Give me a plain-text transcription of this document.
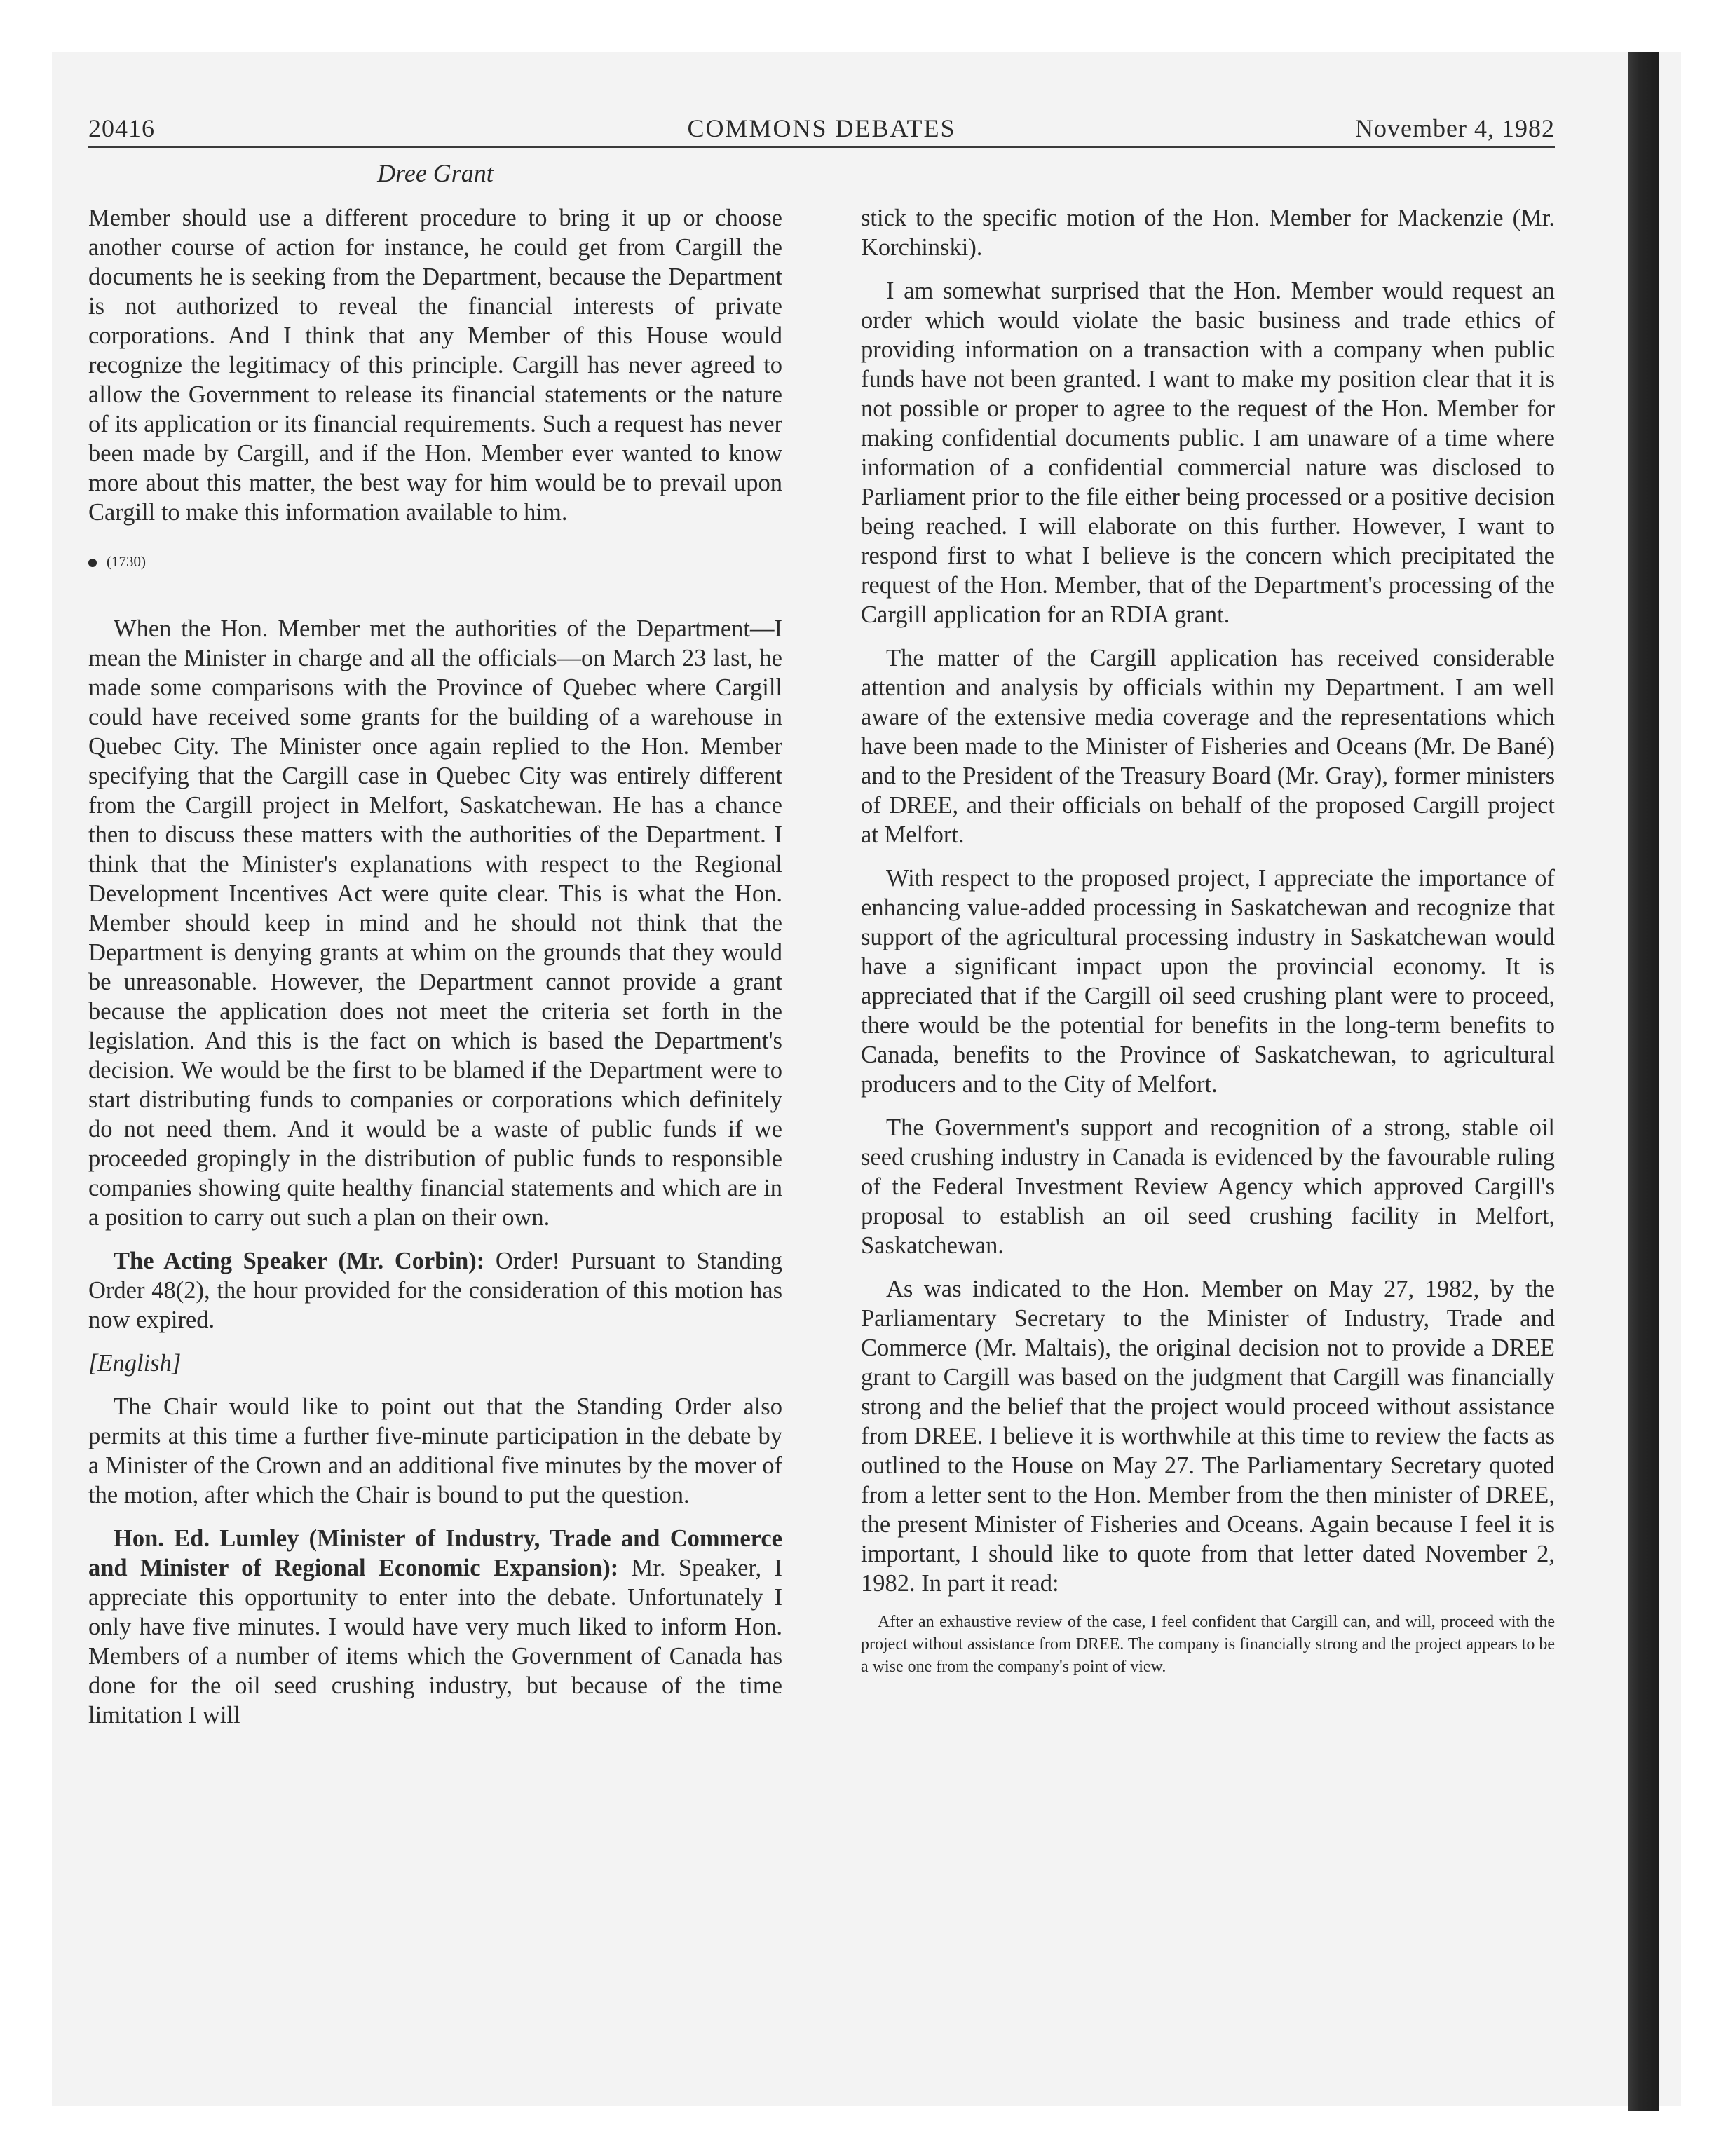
20416	COMMONS DEBATES	November 4, 1982
Dree Grant

Member should use a different procedure to bring it up or choose another course of action for instance, he could get from Cargill the documents he is seeking from the Department, because the Department is not authorized to reveal the financial interests of private corporations. And I think that any Member of this House would recognize the legitimacy of this principle. Cargill has never agreed to allow the Government to release its financial statements or the nature of its application or its financial requirements. Such a request has never been made by Cargill, and if the Hon. Member ever wanted to know more about this matter, the best way for him would be to prevail upon Cargill to make this information available to him.

(1730)

When the Hon. Member met the authorities of the Department—I mean the Minister in charge and all the officials—on March 23 last, he made some comparisons with the Province of Quebec where Cargill could have received some grants for the building of a warehouse in Quebec City. The Minister once again replied to the Hon. Member specifying that the Cargill case in Quebec City was entirely different from the Cargill project in Melfort, Saskatchewan. He has a chance then to discuss these matters with the authorities of the Department. I think that the Minister's explanations with respect to the Regional Development Incentives Act were quite clear. This is what the Hon. Member should keep in mind and he should not think that the Department is denying grants at whim on the grounds that they would be unreasonable. However, the Department cannot provide a grant because the application does not meet the criteria set forth in the legislation. And this is the fact on which is based the Department's decision. We would be the first to be blamed if the Department were to start distributing funds to companies or corporations which definitely do not need them. And it would be a waste of public funds if we proceeded gropingly in the distribution of public funds to responsible companies showing quite healthy financial statements and which are in a position to carry out such a plan on their own.

The Acting Speaker (Mr. Corbin): Order! Pursuant to Standing Order 48(2), the hour provided for the consideration of this motion has now expired.

[English]

The Chair would like to point out that the Standing Order also permits at this time a further five-minute participation in the debate by a Minister of the Crown and an additional five minutes by the mover of the motion, after which the Chair is bound to put the question.

Hon. Ed. Lumley (Minister of Industry, Trade and Commerce and Minister of Regional Economic Expansion): Mr. Speaker, I appreciate this opportunity to enter into the debate. Unfortunately I only have five minutes. I would have very much liked to inform Hon. Members of a number of items which the Government of Canada has done for the oil seed crushing industry, but because of the time limitation I will

stick to the specific motion of the Hon. Member for Mackenzie (Mr. Korchinski).

I am somewhat surprised that the Hon. Member would request an order which would violate the basic business and trade ethics of providing information on a transaction with a company when public funds have not been granted. I want to make my position clear that it is not possible or proper to agree to the request of the Hon. Member for making confidential documents public. I am unaware of a time where information of a confidential commercial nature was disclosed to Parliament prior to the file either being processed or a positive decision being reached. I will elaborate on this further. However, I want to respond first to what I believe is the concern which precipitated the request of the Hon. Member, that of the Department's processing of the Cargill application for an RDIA grant.

The matter of the Cargill application has received considerable attention and analysis by officials within my Department. I am well aware of the extensive media coverage and the representations which have been made to the Minister of Fisheries and Oceans (Mr. De Bané) and to the President of the Treasury Board (Mr. Gray), former ministers of DREE, and their officials on behalf of the proposed Cargill project at Melfort.

With respect to the proposed project, I appreciate the importance of enhancing value-added processing in Saskatchewan and recognize that support of the agricultural processing industry in Saskatchewan would have a significant impact upon the provincial economy. It is appreciated that if the Cargill oil seed crushing plant were to proceed, there would be the potential for benefits in the long-term benefits to Canada, benefits to the Province of Saskatchewan, to agricultural producers and to the City of Melfort.

The Government's support and recognition of a strong, stable oil seed crushing industry in Canada is evidenced by the favourable ruling of the Federal Investment Review Agency which approved Cargill's proposal to establish an oil seed crushing facility in Melfort, Saskatchewan.

As was indicated to the Hon. Member on May 27, 1982, by the Parliamentary Secretary to the Minister of Industry, Trade and Commerce (Mr. Maltais), the original decision not to provide a DREE grant to Cargill was based on the judgment that Cargill was financially strong and the belief that the project would proceed without assistance from DREE. I believe it is worthwhile at this time to review the facts as outlined to the House on May 27. The Parliamentary Secretary quoted from a letter sent to the Hon. Member from the then minister of DREE, the present Minister of Fisheries and Oceans. Again because I feel it is important, I should like to quote from that letter dated November 2, 1982. In part it read:

After an exhaustive review of the case, I feel confident that Cargill can, and will, proceed with the project without assistance from DREE. The company is financially strong and the project appears to be a wise one from the company's point of view.
